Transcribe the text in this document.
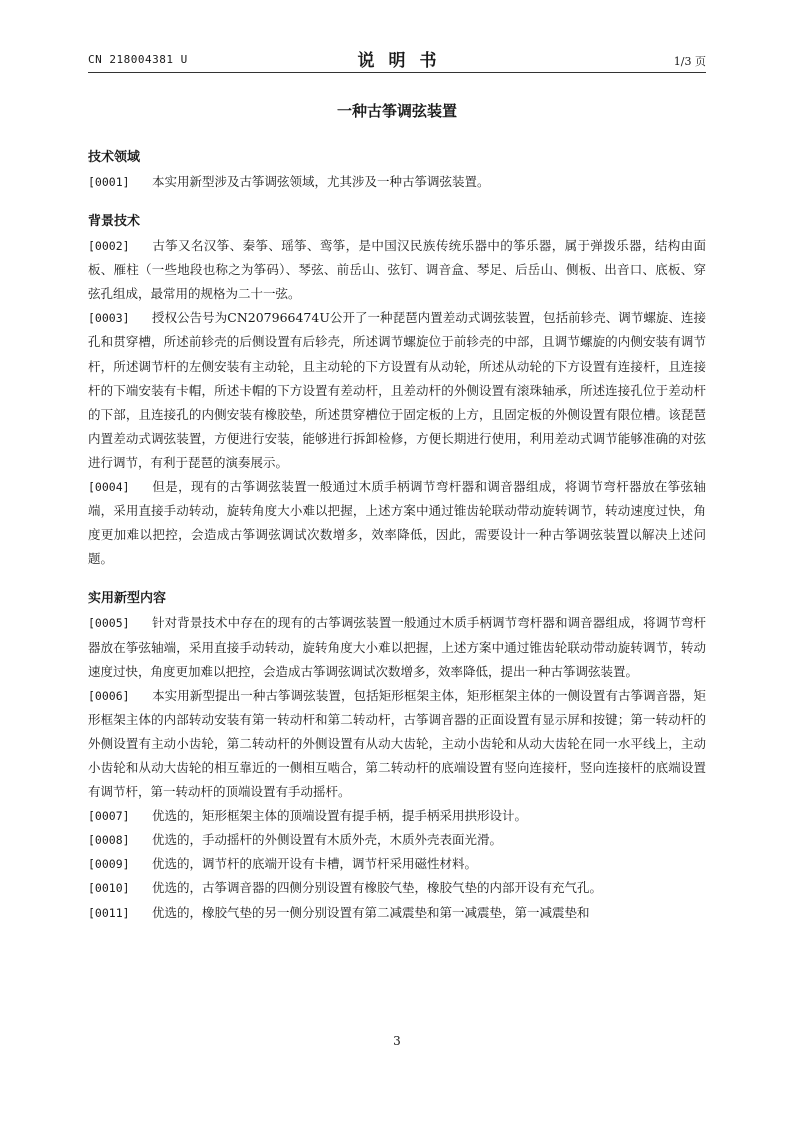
CN 218004381 U	说明书	1/3 页
一种古筝调弦装置

技术领域

[0001] 本实用新型涉及古筝调弦领域，尤其涉及一种古筝调弦装置。

背景技术

[0002] 古筝又名汉筝、秦筝、瑶筝、鸾筝，是中国汉民族传统乐器中的筝乐器，属于弹拨乐器，结构由面板、雁柱（一些地段也称之为筝码）、琴弦、前岳山、弦钉、调音盒、琴足、后岳山、侧板、出音口、底板、穿弦孔组成，最常用的规格为二十一弦。

[0003] 授权公告号为CN207966474U公开了一种琵琶内置差动式调弦装置，包括前轸壳、调节螺旋、连接孔和贯穿槽，所述前轸壳的后侧设置有后轸壳，所述调节螺旋位于前轸壳的中部，且调节螺旋的内侧安装有调节杆，所述调节杆的左侧安装有主动轮，且主动轮的下方设置有从动轮，所述从动轮的下方设置有连接杆，且连接杆的下端安装有卡帽，所述卡帽的下方设置有差动杆，且差动杆的外侧设置有滚珠轴承，所述连接孔位于差动杆的下部，且连接孔的内侧安装有橡胶垫，所述贯穿槽位于固定板的上方，且固定板的外侧设置有限位槽。该琵琶内置差动式调弦装置，方便进行安装，能够进行拆卸检修，方便长期进行使用，利用差动式调节能够准确的对弦进行调节，有利于琵琶的演奏展示。

[0004] 但是，现有的古筝调弦装置一般通过木质手柄调节弯杆器和调音器组成，将调节弯杆器放在筝弦轴端，采用直接手动转动，旋转角度大小难以把握，上述方案中通过锥齿轮联动带动旋转调节，转动速度过快，角度更加难以把控，会造成古筝调弦调试次数增多，效率降低，因此，需要设计一种古筝调弦装置以解决上述问题。

实用新型内容

[0005] 针对背景技术中存在的现有的古筝调弦装置一般通过木质手柄调节弯杆器和调音器组成，将调节弯杆器放在筝弦轴端，采用直接手动转动，旋转角度大小难以把握，上述方案中通过锥齿轮联动带动旋转调节，转动速度过快，角度更加难以把控，会造成古筝调弦调试次数增多，效率降低，提出一种古筝调弦装置。

[0006] 本实用新型提出一种古筝调弦装置，包括矩形框架主体，矩形框架主体的一侧设置有古筝调音器，矩形框架主体的内部转动安装有第一转动杆和第二转动杆，古筝调音器的正面设置有显示屏和按键；第一转动杆的外侧设置有主动小齿轮，第二转动杆的外侧设置有从动大齿轮，主动小齿轮和从动大齿轮在同一水平线上，主动小齿轮和从动大齿轮的相互靠近的一侧相互啮合，第二转动杆的底端设置有竖向连接杆，竖向连接杆的底端设置有调节杆，第一转动杆的顶端设置有手动摇杆。

[0007] 优选的，矩形框架主体的顶端设置有提手柄，提手柄采用拱形设计。

[0008] 优选的，手动摇杆的外侧设置有木质外壳，木质外壳表面光滑。

[0009] 优选的，调节杆的底端开设有卡槽，调节杆采用磁性材料。

[0010] 优选的，古筝调音器的四侧分别设置有橡胶气垫，橡胶气垫的内部开设有充气孔。

[0011] 优选的，橡胶气垫的另一侧分别设置有第二减震垫和第一减震垫，第一减震垫和

3
